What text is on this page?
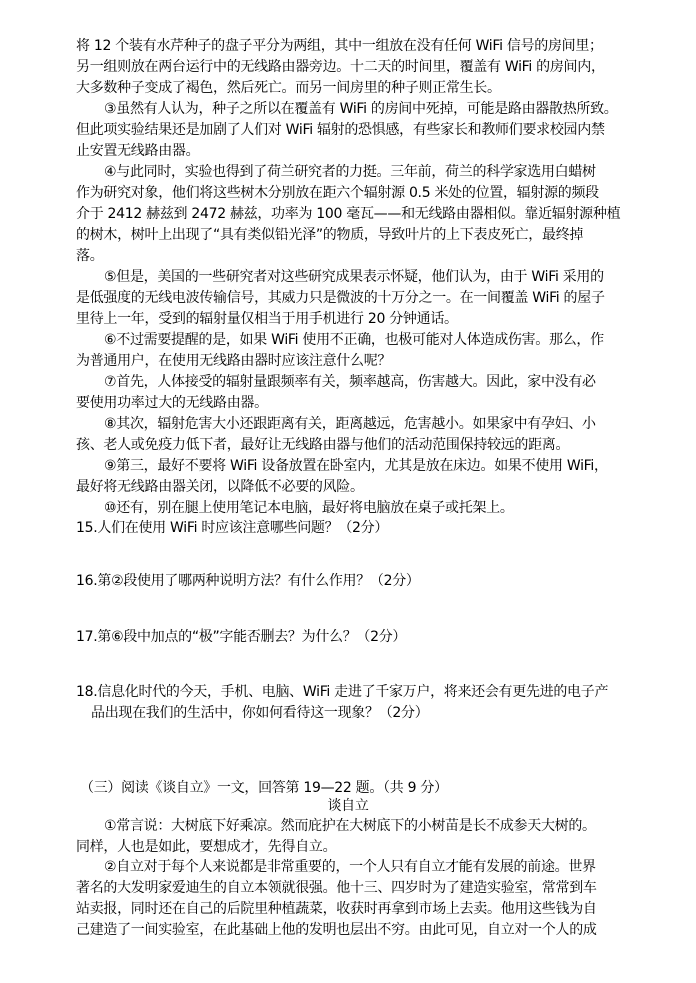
将 12 个装有水芹种子的盘子平分为两组，其中一组放在没有任何 WiFi 信号的房间里；
另一组则放在两台运行中的无线路由器旁边。十二天的时间里，覆盖有 WiFi 的房间内，
大多数种子变成了褐色，然后死亡。而另一间房里的种子则正常生长。
③虽然有人认为，种子之所以在覆盖有 WiFi 的房间中死掉，可能是路由器散热所致。
但此项实验结果还是加剧了人们对 WiFi 辐射的恐惧感，有些家长和教师们要求校园内禁
止安置无线路由器。
④与此同时，实验也得到了荷兰研究者的力挺。三年前，荷兰的科学家选用白蜡树
作为研究对象，他们将这些树木分别放在距六个辐射源 0.5 米处的位置，辐射源的频段
介于 2412 赫兹到 2472 赫兹，功率为 100 毫瓦——和无线路由器相似。靠近辐射源种植
的树木，树叶上出现了“具有类似铅光泽”的物质，导致叶片的上下表皮死亡，最终掉
落。
⑤但是，美国的一些研究者对这些研究成果表示怀疑，他们认为，由于 WiFi 采用的
是低强度的无线电波传输信号，其威力只是微波的十万分之一。在一间覆盖 WiFi 的屋子
里待上一年，受到的辐射量仅相当于用手机进行 20 分钟通话。
⑥不过需要提醒的是，如果 WiFi 使用不正确，也极可能对人体造成伤害。那么，作
为普通用户，在使用无线路由器时应该注意什么呢？
⑦首先，人体接受的辐射量跟频率有关，频率越高，伤害越大。因此，家中没有必
要使用功率过大的无线路由器。
⑧其次，辐射危害大小还跟距离有关，距离越远，危害越小。如果家中有孕妇、小
孩、老人或免疫力低下者，最好让无线路由器与他们的活动范围保持较远的距离。
⑨第三，最好不要将 WiFi 设备放置在卧室内，尤其是放在床边。如果不使用 WiFi，
最好将无线路由器关闭，以降低不必要的风险。
⑩还有，别在腿上使用笔记本电脑，最好将电脑放在桌子或托架上。
15.人们在使用 WiFi 时应该注意哪些问题？（2分）
16.第②段使用了哪两种说明方法？有什么作用？（2分）
17.第⑥段中加点的“极”字能否删去？为什么？（2分）
18.信息化时代的今天，手机、电脑、WiFi 走进了千家万户，将来还会有更先进的电子产
品出现在我们的生活中，你如何看待这一现象？（2分）
（三）阅读《谈自立》一文，回答第 19—22 题。（共 9 分）
谈自立
①常言说：大树底下好乘凉。然而庇护在大树底下的小树苗是长不成参天大树的。
同样，人也是如此，要想成才，先得自立。
②自立对于每个人来说都是非常重要的，一个人只有自立才能有发展的前途。世界
著名的大发明家爱迪生的自立本领就很强。他十三、四岁时为了建造实验室，常常到车
站卖报，同时还在自己的后院里种植蔬菜，收获时再拿到市场上去卖。他用这些钱为自
己建造了一间实验室，在此基础上他的发明也层出不穷。由此可见，自立对一个人的成
